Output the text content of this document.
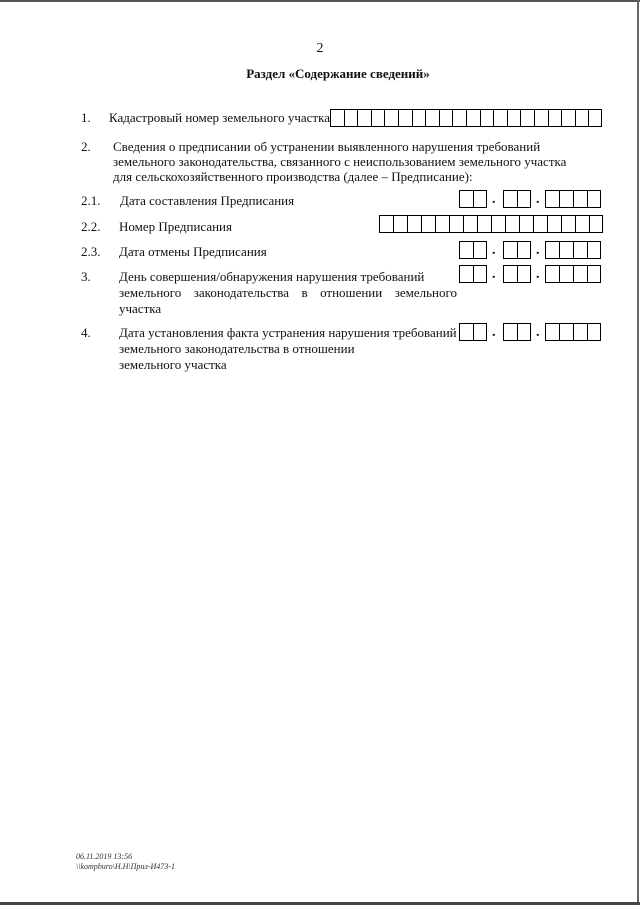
2
Раздел «Содержание сведений»
1. Кадастровый номер земельного участка
2. Сведения о предписании об устранении выявленного нарушения требований
земельного законодательства, связанного с неиспользованием земельного участка
для сельскохозяйственного производства (далее – Предписание):
2.1. Дата составления Предписания	.	.
2.2. Номер Предписания
2.3. Дата отмены Предписания	.	.
3. День совершения/обнаружения нарушения требований
земельного законодательства в отношении земельного
участка
.	.
4. Дата установления факта устранения нарушения требований
земельного законодательства в отношении
земельного участка
.	.
06.11.2019 13:56
\\kompburo\Н.Н\Прил-И473-1
